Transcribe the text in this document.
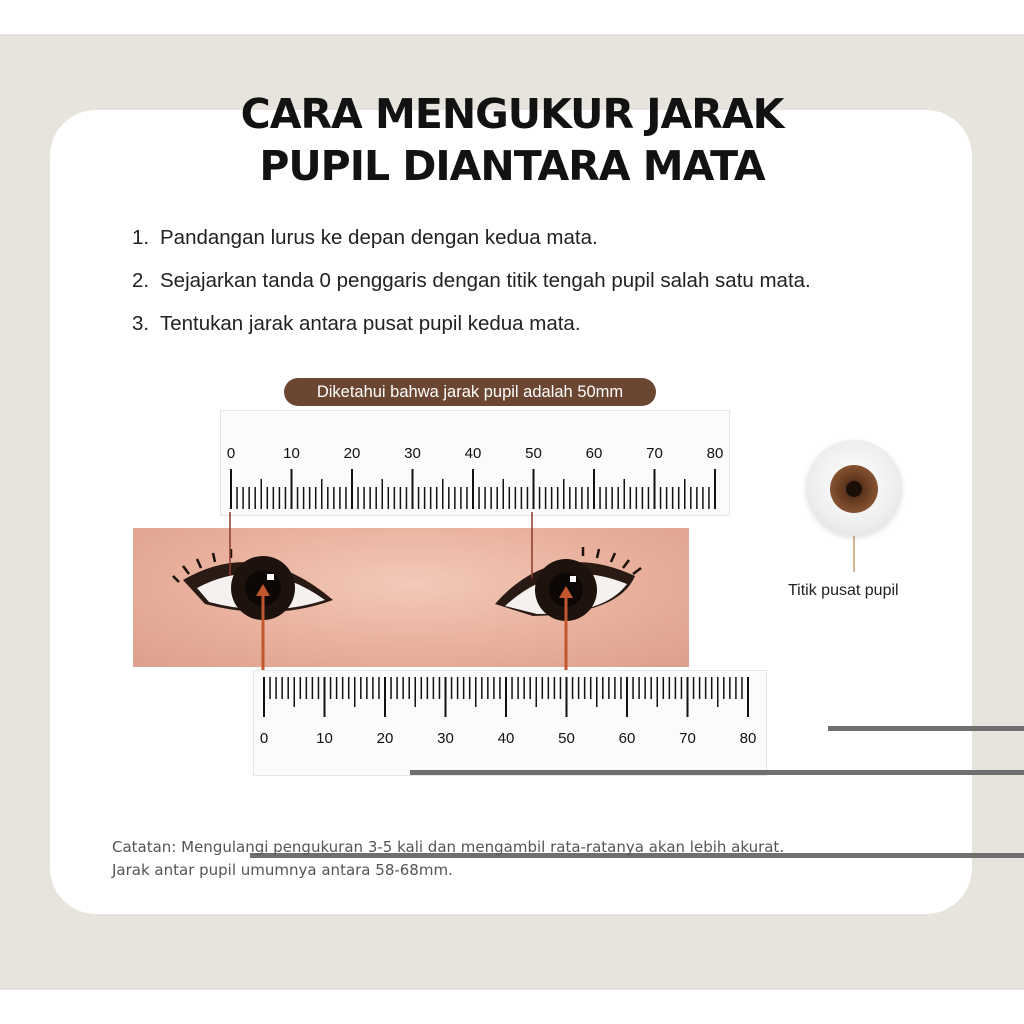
CARA MENGUKUR JARAK
PUPIL DIANTARA MATA
1. Pandangan lurus ke depan dengan kedua mata.
2. Sejajarkan tanda 0 penggaris dengan titik tengah pupil salah satu mata.
3. Tentukan jarak antara pusat pupil kedua mata.
Diketahui bahwa jarak pupil adalah 50mm
0	10	20	30	40	50	60	70	80
0	10	20	30	40	50	60	70	80
Titik pusat pupil
Catatan: Mengulangi pengukuran 3-5 kali dan mengambil rata-ratanya akan lebih akurat.
Jarak antar pupil umumnya antara 58-68mm.
